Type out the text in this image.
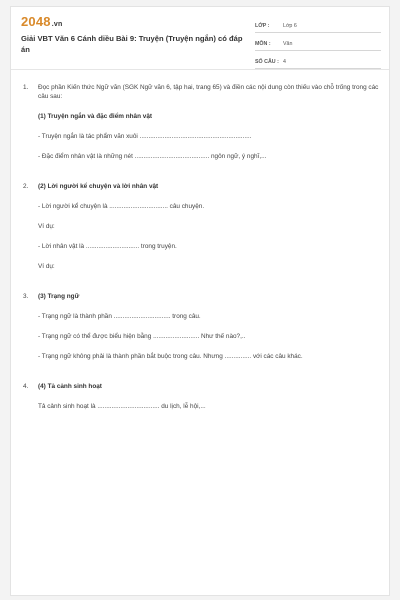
2048.vn
Giải VBT Văn 6 Cánh diều Bài 9: Truyện (Truyện ngắn) có đáp án
LỚP :	Lớp 6
MÔN :	Văn
SỐ CÂU : 4
1.	Đọc phần Kiến thức Ngữ văn (SGK Ngữ văn 6, tập hai, trang 65) và điền các nội dung còn thiếu vào chỗ trống trong các câu sau:
(1) Truyện ngắn và đặc điểm nhân vật
- Truyện ngắn là tác phẩm văn xuôi ...............................................................
- Đặc điểm nhân vật là những nét .......................................... ngôn ngữ, ý nghĩ,...
2.	(2) Lời người kể chuyện và lời nhân vật
- Lời người kể chuyện là ................................. câu chuyện.
Ví dụ:
- Lời nhân vật là .............................. trong truyện.
Ví dụ:
3.	(3) Trạng ngữ
- Trạng ngữ là thành phần ................................ trong câu.
- Trạng ngữ có thể được biểu hiện bằng .......................... Như thế nào?,..
- Trạng ngữ không phải là thành phần bắt buộc trong câu. Nhưng ............... với các câu khác.
4.	(4) Tả cảnh sinh hoạt
Tả cảnh sinh hoạt là ................................... du lịch, lễ hội,...
